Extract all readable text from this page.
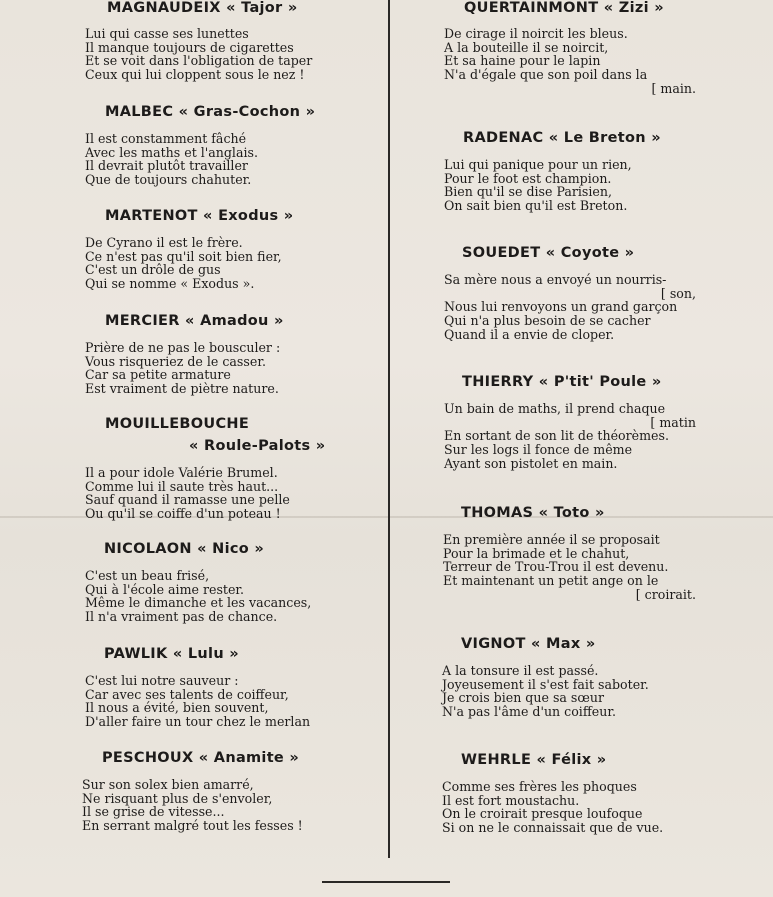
MAGNAUDEIX « Tajor »
Lui qui casse ses lunettes
Il manque toujours de cigarettes
Et se voit dans l'obligation de taper
Ceux qui lui cloppent sous le nez !
MALBEC « Gras-Cochon »
Il est constamment fâché
Avec les maths et l'anglais.
Il devrait plutôt travailler
Que de toujours chahuter.
MARTENOT « Exodus »
De Cyrano il est le frère.
Ce n'est pas qu'il soit bien fier,
C'est un drôle de gus
Qui se nomme « Exodus ».
MERCIER « Amadou »
Prière de ne pas le bousculer :
Vous risqueriez de le casser.
Car sa petite armature
Est vraiment de piètre nature.
MOUILLEBOUCHE
« Roule-Palots »
Il a pour idole Valérie Brumel.
Comme lui il saute très haut...
Sauf quand il ramasse une pelle
Ou qu'il se coiffe d'un poteau !
NICOLAON « Nico »
C'est un beau frisé,
Qui à l'école aime rester.
Même le dimanche et les vacances,
Il n'a vraiment pas de chance.
PAWLIK « Lulu »
C'est lui notre sauveur :
Car avec ses talents de coiffeur,
Il nous a évité, bien souvent,
D'aller faire un tour chez le merlan
PESCHOUX « Anamite »
Sur son solex bien amarré,
Ne risquant plus de s'envoler,
Il se grise de vitesse...
En serrant malgré tout les fesses !
QUERTAINMONT « Zizi »
De cirage il noircit les bleus.
A la bouteille il se noircit,
Et sa haine pour le lapin
N'a d'égale que son poil dans la
[ main.
RADENAC « Le Breton »
Lui qui panique pour un rien,
Pour le foot est champion.
Bien qu'il se dise Parisien,
On sait bien qu'il est Breton.
SOUEDET « Coyote »
Sa mère nous a envoyé un nourris-
[ son,
Nous lui renvoyons un grand garçon
Qui n'a plus besoin de se cacher
Quand il a envie de cloper.
THIERRY « P'tit' Poule »
Un bain de maths, il prend chaque
[ matin
En sortant de son lit de théorèmes.
Sur les logs il fonce de même
Ayant son pistolet en main.
THOMAS « Toto »
En première année il se proposait
Pour la brimade et le chahut,
Terreur de Trou-Trou il est devenu.
Et maintenant un petit ange on le
[ croirait.
VIGNOT « Max »
A la tonsure il est passé.
Joyeusement il s'est fait saboter.
Je crois bien que sa sœur
N'a pas l'âme d'un coiffeur.
WEHRLE « Félix »
Comme ses frères les phoques
Il est fort moustachu.
On le croirait presque loufoque
Si on ne le connaissait que de vue.
